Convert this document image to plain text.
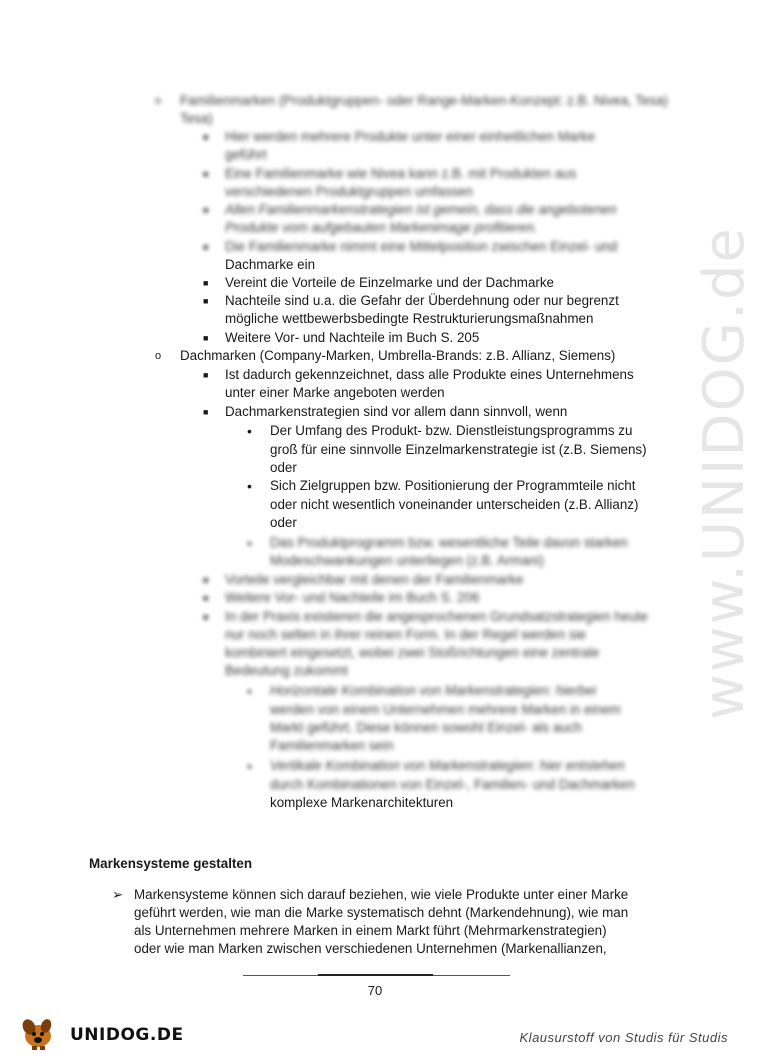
o Familienmarken (Produktgruppen- oder Range-Marken-Konzept: z.B. Nivea, Tesa)
Tesa)
■ Hier werden mehrere Produkte unter einer einheitlichen Marke
geführt
■ Eine Familienmarke wie Nivea kann z.B. mit Produkten aus
verschiedenen Produktgruppen umfassen
■ Allen Familienmarkenstrategien ist gemein, dass die angebotenen
Produkte vom aufgebauten Markenimage profitieren.
■ Die Familienmarke nimmt eine Mittelposition zwischen Einzel- und
Dachmarke ein
■ Vereint die Vorteile de Einzelmarke und der Dachmarke
■ Nachteile sind u.a. die Gefahr der Überdehnung oder nur begrenzt
mögliche wettbewerbsbedingte Restrukturierungsmaßnahmen
■ Weitere Vor- und Nachteile im Buch S. 205
o Dachmarken (Company-Marken, Umbrella-Brands: z.B. Allianz, Siemens)
■ Ist dadurch gekennzeichnet, dass alle Produkte eines Unternehmens
unter einer Marke angeboten werden
■ Dachmarkenstrategien sind vor allem dann sinnvoll, wenn
• Der Umfang des Produkt- bzw. Dienstleistungsprogramms zu
groß für eine sinnvolle Einzelmarkenstrategie ist (z.B. Siemens)
oder
• Sich Zielgruppen bzw. Positionierung der Programmteile nicht
oder nicht wesentlich voneinander unterscheiden (z.B. Allianz)
oder
• Das Produktprogramm bzw. wesentliche Teile davon starken
Modeschwankungen unterliegen (z.B. Armani)
■ Vorteile vergleichbar mit denen der Familienmarke
■ Weitere Vor- und Nachteile im Buch S. 206
■ In der Praxis existieren die angesprochenen Grundsatzstrategien heute
nur noch selten in ihrer reinen Form. In der Regel werden sie
kombiniert eingesetzt, wobei zwei Stoßrichtungen eine zentrale
Bedeutung zukommt
• Horizontale Kombination von Markenstrategien: hierbei
werden von einem Unternehmen mehrere Marken in einem
Markt geführt. Diese können sowohl Einzel- als auch
Familienmarken sein
• Vertikale Kombination von Markenstrategien: hier entstehen
durch Kombinationen von Einzel-, Familien- und Dachmarken
komplexe Markenarchitekturen
Markensysteme gestalten
➢ Markensysteme können sich darauf beziehen, wie viele Produkte unter einer Marke
geführt werden, wie man die Marke systematisch dehnt (Markendehnung), wie man
als Unternehmen mehrere Marken in einem Markt führt (Mehrmarkenstrategien)
oder wie man Marken zwischen verschiedenen Unternehmen (Markenallianzen,
www.UNIDOG.de
70
UNIDOG.DE	Klausurstoff von Studis für Studis
